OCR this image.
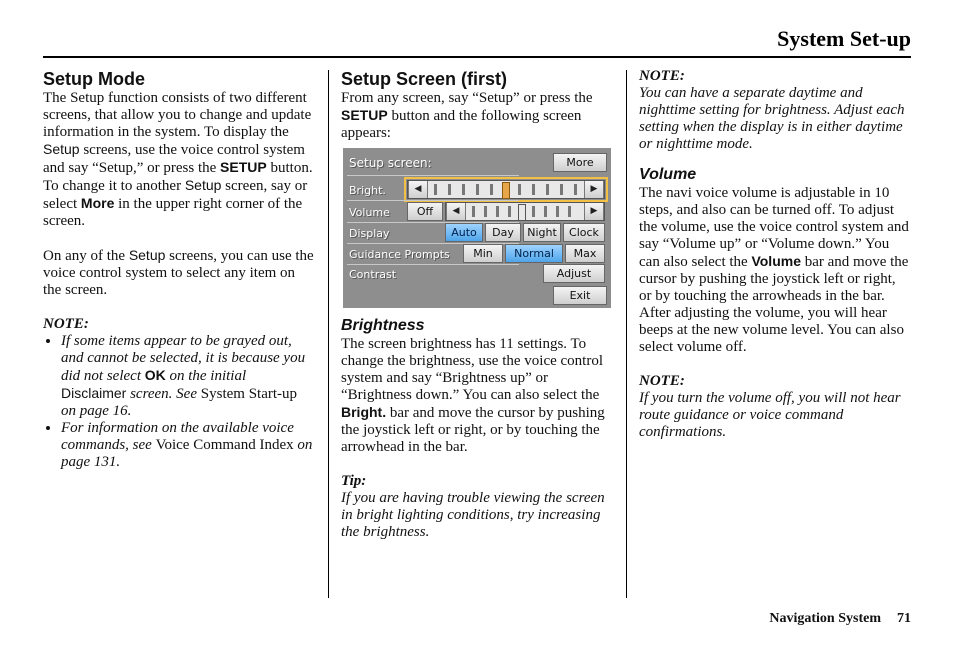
System Set-up
Setup Mode

The Setup function consists of two different screens, that allow you to change and update information in the system. To display the Setup screens, use the voice control system and say “Setup,” or press the SETUP button. To change it to another Setup screen, say or select More in the upper right corner of the screen.

On any of the Setup screens, you can use the voice control system to select any item on the screen.

NOTE:

• If some items appear to be grayed out, and cannot be selected, it is because you did not select OK on the initial Disclaimer screen. See System Start-up on page 16.
• For information on the available voice commands, see Voice Command Index on page 131.
Setup Screen (first)

From any screen, say “Setup” or press the SETUP button and the following screen appears:

Setup screen:	More
Bright.	◀	▶
Volume	Off	◀	▶
Display	Auto	Day	Night	Clock
Guidance Prompts	Min	Normal	Max
Contrast	Adjust
Exit
Brightness

The screen brightness has 11 settings. To change the brightness, use the voice control system and say “Brightness up” or “Brightness down.” You can also select the Bright. bar and move the cursor by pushing the joystick left or right, or by touching the arrowhead in the bar.

Tip:

If you are having trouble viewing the screen in bright lighting conditions, try increasing the brightness.

NOTE:

You can have a separate daytime and nighttime setting for brightness. Adjust each setting when the display is in either daytime or nighttime mode.

Volume

The navi voice volume is adjustable in 10 steps, and also can be turned off. To adjust the volume, use the voice control system and say “Volume up” or “Volume down.” You can also select the Volume bar and move the cursor by pushing the joystick left or right, or by touching the arrowheads in the bar. After adjusting the volume, you will hear beeps at the new volume level. You can also select volume off.

NOTE:

If you turn the volume off, you will not hear route guidance or voice command confirmations.

Navigation System 71
